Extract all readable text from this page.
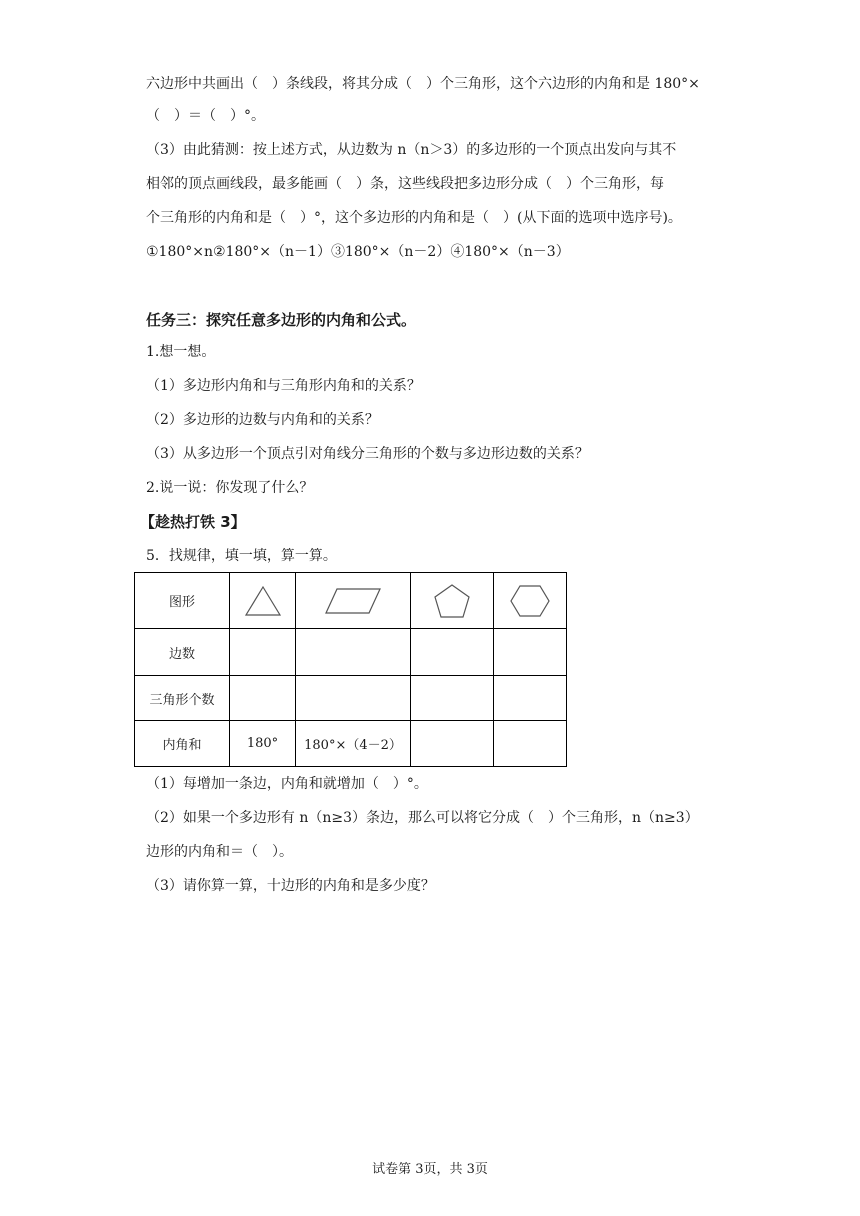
六边形中共画出（　）条线段，将其分成（　）个三角形，这个六边形的内角和是 180°×
（　）＝（　）°。
（3）由此猜测：按上述方式，从边数为 n（n＞3）的多边形的一个顶点出发向与其不
相邻的顶点画线段，最多能画（　）条，这些线段把多边形分成（　）个三角形，每
个三角形的内角和是（　）°，这个多边形的内角和是（　）(从下面的选项中选序号)。
①180°×n②180°×（n－1）③180°×（n－2）④180°×（n－3）
任务三：探究任意多边形的内角和公式。
1.想一想。
（1）多边形内角和与三角形内角和的关系？
（2）多边形的边数与内角和的关系？
（3）从多边形一个顶点引对角线分三角形的个数与多边形边数的关系？
2.说一说：你发现了什么？
【趁热打铁 3】
5．找规律，填一填，算一算。
图形	

边数				
三角形个数				
内角和	180°	180°×（4－2）		
（1）每增加一条边，内角和就增加（　）°。
（2）如果一个多边形有 n（n≥3）条边，那么可以将它分成（　）个三角形，n（n≥3）
边形的内角和＝（　）。
（3）请你算一算，十边形的内角和是多少度？
试卷第 3页，共 3页
